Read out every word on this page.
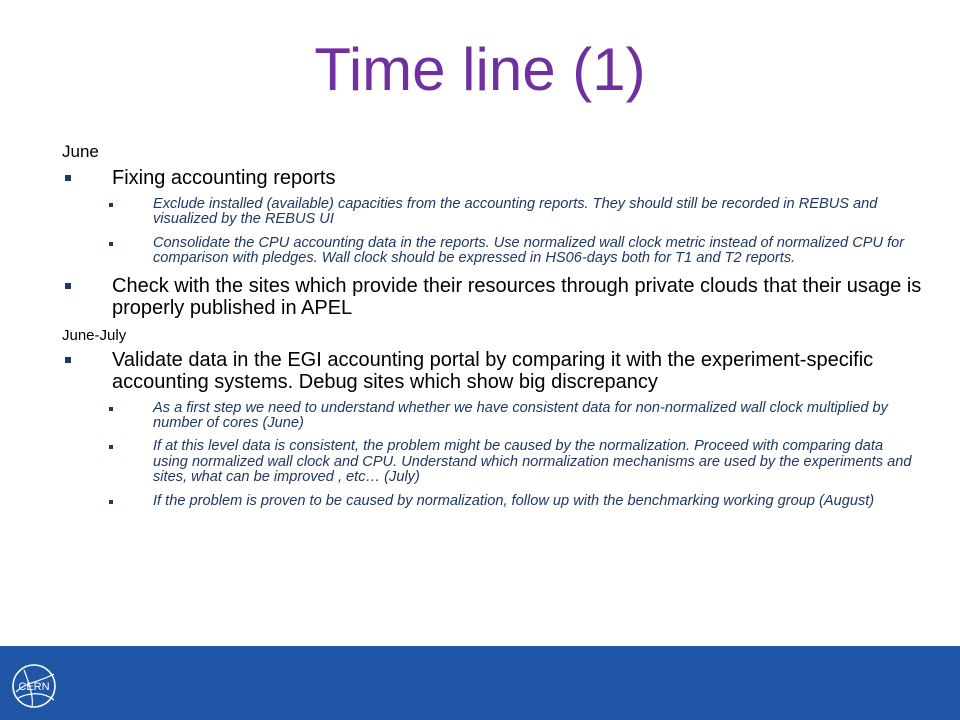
Time line (1)
June
Fixing accounting reports
Exclude installed (available) capacities from the accounting reports. They should still be recorded in REBUS and visualized by the REBUS UI
Consolidate the CPU accounting data in the reports. Use normalized wall clock metric instead of normalized CPU for comparison with pledges. Wall clock should be expressed in HS06-days both for T1 and T2 reports.
Check with the sites which provide their resources through private clouds that their usage is properly published in APEL
June-July
Validate data in the EGI accounting portal by comparing it with the experiment-specific accounting systems. Debug sites which show big discrepancy
As a first step we need to understand whether we have consistent data for non-normalized wall clock multiplied by number of cores (June)
If at this level data is consistent, the problem might be caused by the normalization. Proceed with comparing data using normalized wall clock and CPU. Understand which normalization mechanisms are used by the experiments and sites, what can be improved , etc… (July)
If the problem is proven to be caused by normalization, follow up with the benchmarking working group (August)
CERN
